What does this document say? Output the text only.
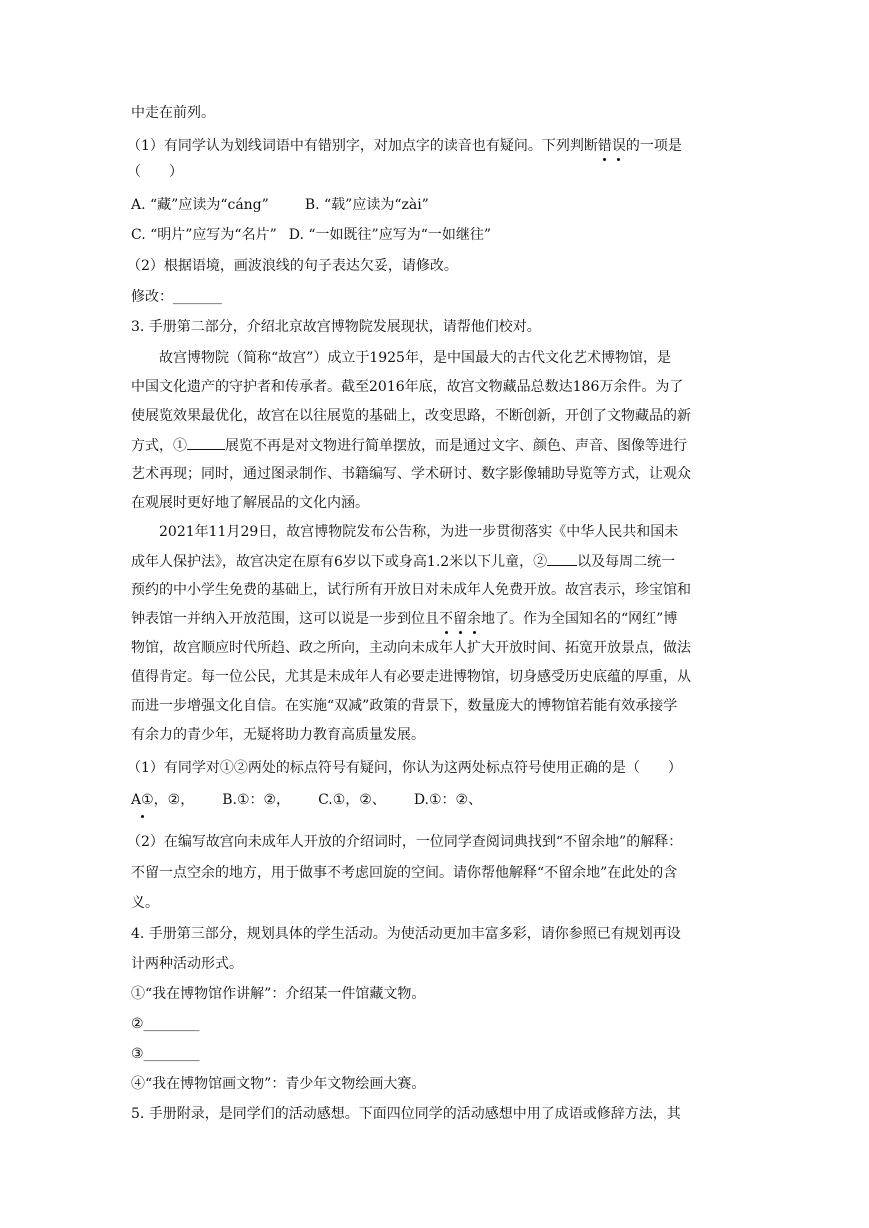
中走在前列。
（1）有同学认为划线词语中有错别字，对加点字的读音也有疑问。下列判断错误的一项是
（　　）
A. “藏”应读为“cáng”	B. “载”应读为“zài”
C. “明片”应写为“名片” D. “一如既往”应写为“一如继往”
（2）根据语境，画波浪线的句子表达欠妥，请修改。
修改：_______
3. 手册第二部分，介绍北京故宫博物院发展现状，请帮他们校对。
故宫博物院（简称“故宫”）成立于1925年，是中国最大的古代文化艺术博物馆，是
中国文化遗产的守护者和传承者。截至2016年底，故宫文物藏品总数达186万余件。为了
使展览效果最优化，故宫在以往展览的基础上，改变思路，不断创新，开创了文物藏品的新
方式，①	展览不再是对文物进行简单摆放，而是通过文字、颜色、声音、图像等进行
艺术再现；同时，通过图录制作、书籍编写、学术研讨、数字影像辅助导览等方式，让观众
在观展时更好地了解展品的文化内涵。
2021年11月29日，故宫博物院发布公告称，为进一步贯彻落实《中华人民共和国未
成年人保护法》，故宫决定在原有6岁以下或身高1.2米以下儿童，② 以及每周二统一
预约的中小学生免费的基础上，试行所有开放日对未成年人免费开放。故宫表示，珍宝馆和
钟表馆一并纳入开放范围，这可以说是一步到位且不留余地了。作为全国知名的“网红”博
物馆，故宫顺应时代所趋、政之所向，主动向未成年人扩大开放时间、拓宽开放景点，做法
值得肯定。每一位公民，尤其是未成年人有必要走进博物馆，切身感受历史底蕴的厚重，从
而进一步增强文化自信。在实施“双减”政策的背景下，数量庞大的博物馆若能有效承接学
有余力的青少年，无疑将助力教育高质量发展。
（1）有同学对①②两处的标点符号有疑问，你认为这两处标点符号使用正确的是（　　）
A①，②， B.①：②， C.①，②、 D.①：②、
（2）在编写故宫向未成年人开放的介绍词时，一位同学查阅词典找到“不留余地”的解释：
不留一点空余的地方，用于做事不考虑回旋的空间。请你帮他解释“不留余地”在此处的含
义。
4. 手册第三部分，规划具体的学生活动。为使活动更加丰富多彩，请你参照已有规划再设
计两种活动形式。
①“我在博物馆作讲解”：介绍某一件馆藏文物。
②________
③________
④“我在博物馆画文物”：青少年文物绘画大赛。
5. 手册附录，是同学们的活动感想。下面四位同学的活动感想中用了成语或修辞方法，其
